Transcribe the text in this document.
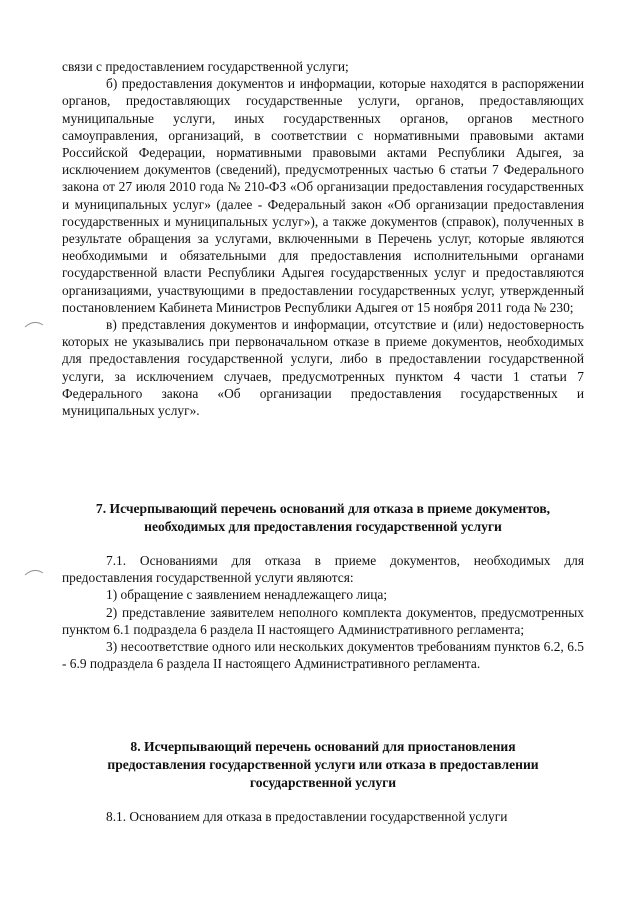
связи с предоставлением государственной услуги;

б) предоставления документов и информации, которые находятся в распоряжении органов, предоставляющих государственные услуги, органов, предоставляющих муниципальные услуги, иных государственных органов, органов местного самоуправления, организаций, в соответствии с нормативными правовыми актами Российской Федерации, нормативными правовыми актами Республики Адыгея, за исключением документов (сведений), предусмотренных частью 6 статьи 7 Федерального закона от 27 июля 2010 года № 210-ФЗ «Об организации предоставления государственных и муниципальных услуг» (далее - Федеральный закон «Об организации предоставления государственных и муниципальных услуг»), а также документов (справок), полученных в результате обращения за услугами, включенными в Перечень услуг, которые являются необходимыми и обязательными для предоставления исполнительными органами государственной власти Республики Адыгея государственных услуг и предоставляются организациями, участвующими в предоставлении государственных услуг, утвержденный постановлением Кабинета Министров Республики Адыгея от 15 ноября 2011 года № 230;

в) представления документов и информации, отсутствие и (или) недостоверность которых не указывались при первоначальном отказе в приеме документов, необходимых для предоставления государственной услуги, либо в предоставлении государственной услуги, за исключением случаев, предусмотренных пунктом 4 части 1 статьи 7 Федерального закона «Об организации предоставления государственных и муниципальных услуг».

7. Исчерпывающий перечень оснований для отказа в приеме документов,
необходимых для предоставления государственной услуги

7.1. Основаниями для отказа в приеме документов, необходимых для предоставления государственной услуги являются:

1) обращение с заявлением ненадлежащего лица;

2) представление заявителем неполного комплекта документов, предусмотренных пунктом 6.1 подраздела 6 раздела II настоящего Административного регламента;

3) несоответствие одного или нескольких документов требованиям пунктов 6.2, 6.5 - 6.9 подраздела 6 раздела II настоящего Административного регламента.

8. Исчерпывающий перечень оснований для приостановления
предоставления государственной услуги или отказа в предоставлении
государственной услуги

8.1. Основанием для отказа в предоставлении государственной услуги
